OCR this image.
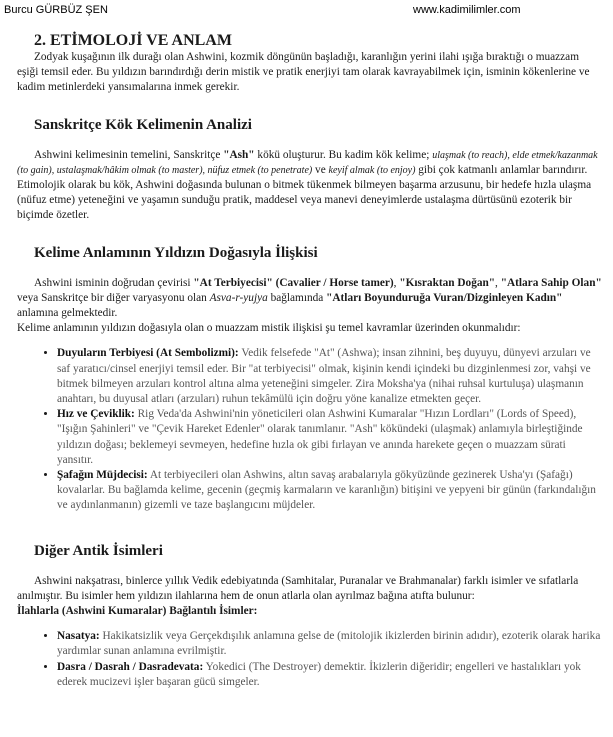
Burcu GÜRBÜZ ŞEN	www.kadimilimler.com
2. ETİMOLOJİ VE ANLAM

Zodyak kuşağının ilk durağı olan Ashwini, kozmik döngünün başladığı, karanlığın yerini ilahi ışığa bıraktığı o muazzam eşiği temsil eder. Bu yıldızın barındırdığı derin mistik ve pratik enerjiyi tam olarak kavrayabilmek için, isminin kökenlerine ve kadim metinlerdeki yansımalarına inmek gerekir.

Sanskritçe Kök Kelimenin Analizi

Ashwini kelimesinin temelini, Sanskritçe "Ash" kökü oluşturur. Bu kadim kök kelime; ulaşmak (to reach), elde etmek/kazanmak (to gain), ustalaşmak/hâkim olmak (to master), nüfuz etmek (to penetrate) ve keyif almak (to enjoy) gibi çok katmanlı anlamlar barındırır.

Etimolojik olarak bu kök, Ashwini doğasında bulunan o bitmek tükenmek bilmeyen başarma arzusunu, bir hedefe hızla ulaşma (nüfuz etme) yeteneğini ve yaşamın sunduğu pratik, maddesel veya manevi deneyimlerde ustalaşma dürtüsünü ezoterik bir biçimde özetler.

Kelime Anlamının Yıldızın Doğasıyla İlişkisi

Ashwini isminin doğrudan çevirisi "At Terbiyecisi" (Cavalier / Horse tamer), "Kısraktan Doğan", "Atlara Sahip Olan" veya Sanskritçe bir diğer varyasyonu olan Asva-r-yujya bağlamında "Atları Boyunduruğa Vuran/Dizginleyen Kadın" anlamına gelmektedir.

Kelime anlamının yıldızın doğasıyla olan o muazzam mistik ilişkisi şu temel kavramlar üzerinden okunmalıdır:

• Duyuların Terbiyesi (At Sembolizmi): Vedik felsefede "At" (Ashwa); insan zihnini, beş duyuyu, dünyevi arzuları ve saf yaratıcı/cinsel enerjiyi temsil eder. Bir "at terbiyecisi" olmak, kişinin kendi içindeki bu dizginlenmesi zor, vahşi ve bitmek bilmeyen arzuları kontrol altına alma yeteneğini simgeler. Zira Moksha'ya (nihai ruhsal kurtuluşa) ulaşmanın anahtarı, bu duyusal atları (arzuları) ruhun tekâmülü için doğru yöne kanalize etmekten geçer.
• Hız ve Çeviklik: Rig Veda'da Ashwini'nin yöneticileri olan Ashwini Kumaralar "Hızın Lordları" (Lords of Speed), "Işığın Şahinleri" ve "Çevik Hareket Edenler" olarak tanımlanır. "Ash" kökündeki (ulaşmak) anlamıyla birleştiğinde yıldızın doğası; beklemeyi sevmeyen, hedefine hızla ok gibi fırlayan ve anında harekete geçen o muazzam sürati yansıtır.
• Şafağın Müjdecisi: At terbiyecileri olan Ashwins, altın savaş arabalarıyla gökyüzünde gezinerek Usha'yı (Şafağı) kovalarlar. Bu bağlamda kelime, gecenin (geçmiş karmaların ve karanlığın) bitişini ve yepyeni bir günün (farkındalığın ve aydınlanmanın) gizemli ve taze başlangıcını müjdeler.
Diğer Antik İsimleri

Ashwini nakşatrası, binlerce yıllık Vedik edebiyatında (Samhitalar, Puranalar ve Brahmanalar) farklı isimler ve sıfatlarla anılmıştır. Bu isimler hem yıldızın ilahlarına hem de onun atlarla olan ayrılmaz bağına atıfta bulunur:

İlahlarla (Ashwini Kumaralar) Bağlantılı İsimler:

• Nasatya: Hakikatsizlik veya Gerçekdışılık anlamına gelse de (mitolojik ikizlerden birinin adıdır), ezoterik olarak harika yardımlar sunan anlamına evrilmiştir.
• Dasra / Dasrah / Dasradevata: Yokedici (The Destroyer) demektir. İkizlerin diğeridir; engelleri ve hastalıkları yok ederek mucizevi işler başaran gücü simgeler.
